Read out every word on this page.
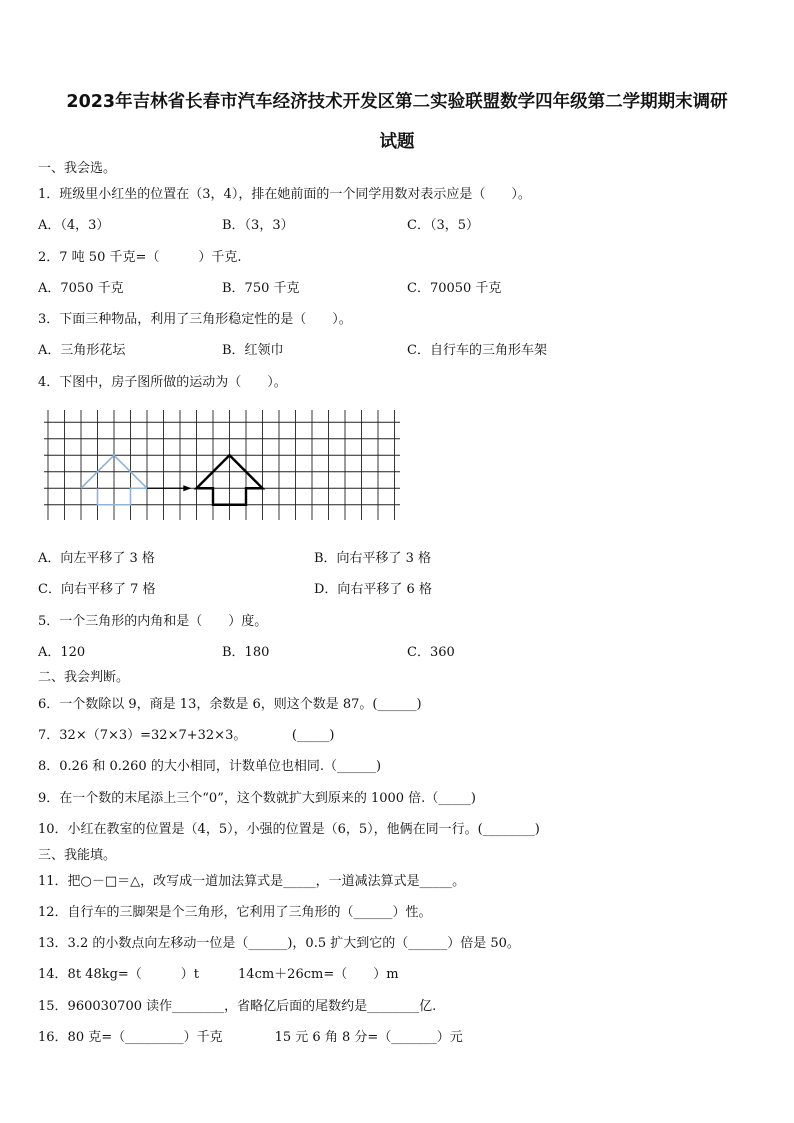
2023年吉林省长春市汽车经济技术开发区第二实验联盟数学四年级第二学期期末调研
试题
一、我会选。
1．班级里小红坐的位置在（3，4），排在她前面的一个同学用数对表示应是（　　）。
A．（4，3）	B．（3，3）	C．（3，5）
2．7 吨 50 千克=（　　　）千克.
A．7050 千克	B．750 千克	C．70050 千克
3．下面三种物品，利用了三角形稳定性的是（　　）。
A．三角形花坛	B．红领巾	C．自行车的三角形车架
4．下图中，房子图所做的运动为（　　）。
A．向左平移了 3 格	B．向右平移了 3 格
C．向右平移了 7 格	D．向右平移了 6 格
5．一个三角形的内角和是（　　）度。
A．120	B．180	C．360
二、我会判断。
6．一个数除以 9，商是 13，余数是 6，则这个数是 87。(______)
7．32×（7×3）=32×7+32×3。　　　　(_____)
8．0.26 和 0.260 的大小相同，计数单位也相同.（______)
9．在一个数的末尾添上三个“0”，这个数就扩大到原来的 1000 倍.（_____)
10．小红在教室的位置是（4，5），小强的位置是（6，5），他俩在同一行。(________)
三、我能填。
11．把○－□＝△，改写成一道加法算式是_____，一道减法算式是_____。
12．自行车的三脚架是个三角形，它利用了三角形的（______）性。
13．3.2 的小数点向左移动一位是（______)，0.5 扩大到它的（______）倍是 50。
14．8t 48kg=（　　　）t　　　14cm＋26cm=（　　）m
15．960030700 读作________，省略亿后面的尾数约是________亿.
16．80 克=（_________）千克　　　　15 元 6 角 8 分=（_______）元
